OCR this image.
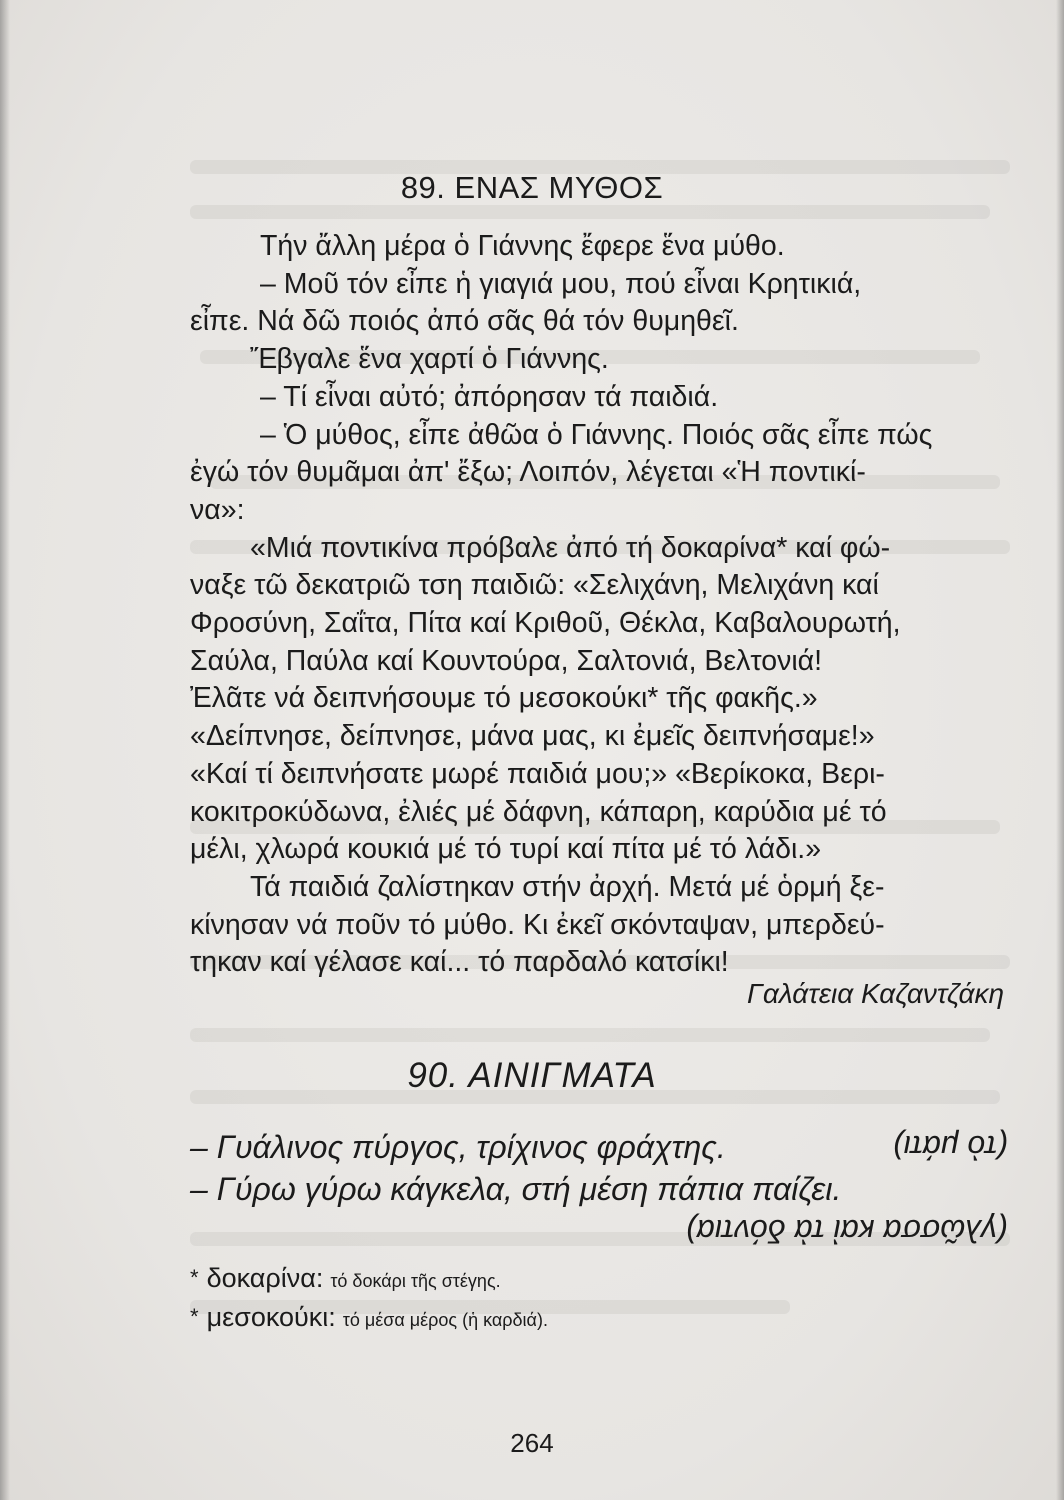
89. ΕΝΑΣ ΜΥΘΟΣ
Τήν ἄλλη μέρα ὁ Γιάννης ἔφερε ἕνα μύθο.
– Μοῦ τόν εἶπε ἡ γιαγιά μου, πού εἶναι Κρητικιά,
εἶπε. Νά δῶ ποιός ἀπό σᾶς θά τόν θυμηθεῖ.
Ἔβγαλε ἕνα χαρτί ὁ Γιάννης.
– Τί εἶναι αὐτό; ἀπόρησαν τά παιδιά.
– Ὁ μύθος, εἶπε ἀθῶα ὁ Γιάννης. Ποιός σᾶς εἶπε πώς
ἐγώ τόν θυμᾶμαι ἀπ' ἔξω; Λοιπόν, λέγεται «Ἡ ποντικί-
να»:
«Μιά ποντικίνα πρόβαλε ἀπό τή δοκαρίνα* καί φώ-
ναξε τῶ δεκατριῶ τση παιδιῶ: «Σελιχάνη, Μελιχάνη καί
Φροσύνη, Σαΐτα, Πίτα καί Κριθοῦ, Θέκλα, Καβαλουρωτή,
Σαύλα, Παύλα καί Κουντούρα, Σαλτονιά, Βελτονιά!
Ἐλᾶτε νά δειπνήσουμε τό μεσοκούκι* τῆς φακῆς.»
«Δείπνησε, δείπνησε, μάνα μας, κι ἐμεῖς δειπνήσαμε!»
«Καί τί δειπνήσατε μωρέ παιδιά μου;» «Βερίκοκα, Βερι-
κοκιτροκύδωνα, ἐλιές μέ δάφνη, κάπαρη, καρύδια μέ τό
μέλι, χλωρά κουκιά μέ τό τυρί καί πίτα μέ τό λάδι.»
Τά παιδιά ζαλίστηκαν στήν ἀρχή. Μετά μέ ὁρμή ξε-
κίνησαν νά ποῦν τό μύθο. Κι ἐκεῖ σκόνταψαν, μπερδεύ-
τηκαν καί γέλασε καί... τό παρδαλό κατσίκι!
Γαλάτεια Καζαντζάκη
90. ΑΙΝΙΓΜΑΤΑ
– Γυάλινος πύργος, τρίχινος φράχτης.	(τὸ μάτι)
– Γύρω γύρω κάγκελα, στή μέση πάπια παίζει.
(γλῶσσα καὶ τὰ δόντια)
* δοκαρίνα: τό δοκάρι τῆς στέγης.
* μεσοκούκι: τό μέσα μέρος (ἡ καρδιά).
264
